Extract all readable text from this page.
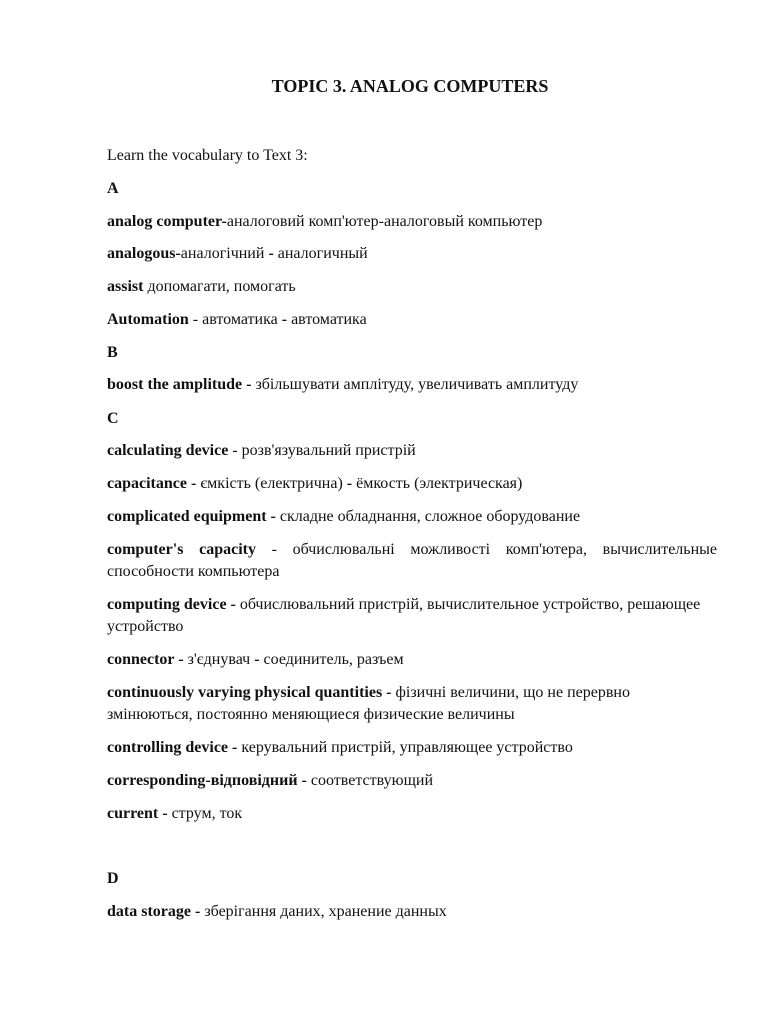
TOPIC 3. ANALOG COMPUTERS
Learn the vocabulary to Text 3:
A
analog computer-аналоговий комп'ютер-аналоговый компьютер
analogous-аналогічний - аналогичный
assist допомагати, помогать
Automation - автоматика - автоматика
B
boost the amplitude - збільшувати амплітуду, увеличивать амплитуду
C
calculating device - розв'язувальний пристрій
capacitance - ємкість (електрична) - ёмкость (электрическая)
complicated equipment - складне обладнання, сложное оборудование
computer's capacity - обчислювальні можливості комп'ютера, вычислительные способности компьютера
computing device - обчислювальний пристрій, вычислительное устройство, решающее устройство
connector - з'єднувач - соединитель, разъем
continuously varying physical quantities - фізичні величини, що не перервно змінюються, постоянно меняющиеся физические величины
controlling device - керувальний пристрій, управляющее устройство
corresponding-відповідний - соответствующий
current - струм, ток
D
data storage - зберігання даних, хранение данных
